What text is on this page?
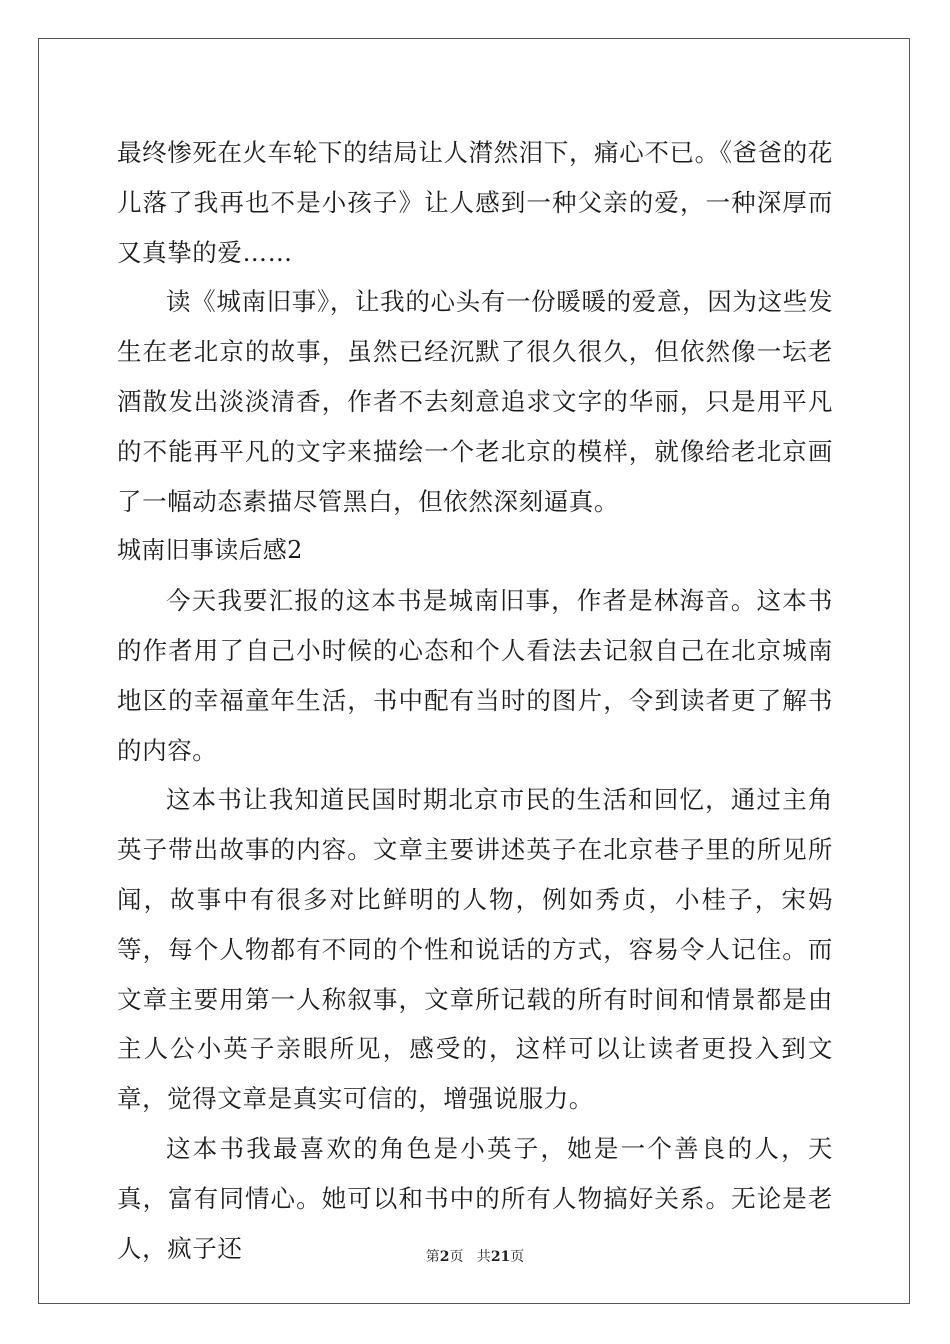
最终惨死在火车轮下的结局让人潸然泪下，痛心不已。《爸爸的花儿落了我再也不是小孩子》让人感到一种父亲的爱，一种深厚而又真挚的爱……

读《城南旧事》，让我的心头有一份暖暖的爱意，因为这些发生在老北京的故事，虽然已经沉默了很久很久，但依然像一坛老酒散发出淡淡清香，作者不去刻意追求文字的华丽，只是用平凡的不能再平凡的文字来描绘一个老北京的模样，就像给老北京画了一幅动态素描尽管黑白，但依然深刻逼真。

城南旧事读后感2

今天我要汇报的这本书是城南旧事，作者是林海音。这本书的作者用了自己小时候的心态和个人看法去记叙自己在北京城南地区的幸福童年生活，书中配有当时的图片，令到读者更了解书的内容。

这本书让我知道民国时期北京市民的生活和回忆，通过主角英子带出故事的内容。文章主要讲述英子在北京巷子里的所见所闻，故事中有很多对比鲜明的人物，例如秀贞，小桂子，宋妈等，每个人物都有不同的个性和说话的方式，容易令人记住。而文章主要用第一人称叙事，文章所记载的所有时间和情景都是由主人公小英子亲眼所见，感受的，这样可以让读者更投入到文章，觉得文章是真实可信的，增强说服力。

这本书我最喜欢的角色是小英子，她是一个善良的人，天真，富有同情心。她可以和书中的所有人物搞好关系。无论是老人，疯子还	第2页   共21页
